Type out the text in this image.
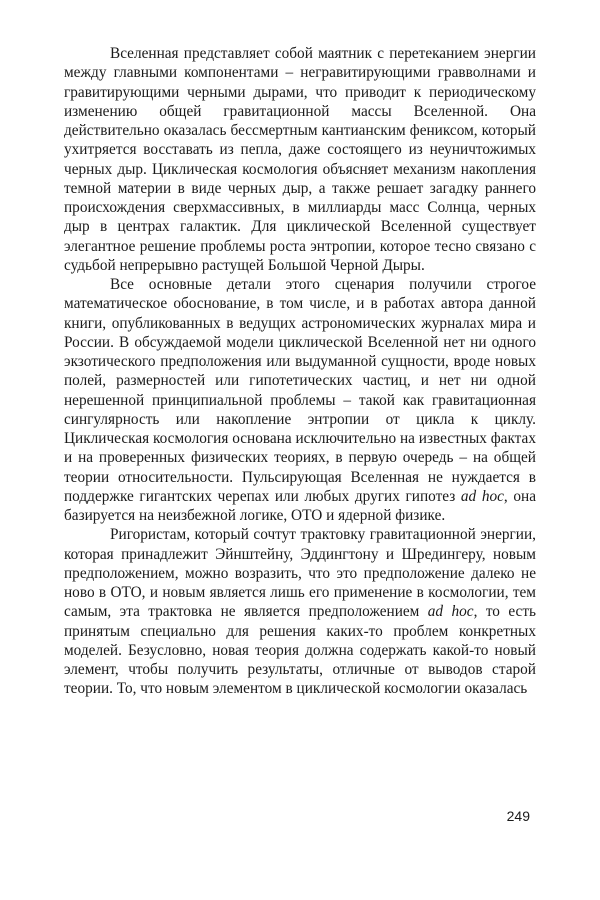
Вселенная представляет собой маятник с перетеканием энергии между главными компонентами – негравитирующими гравволнами и гравитирующими черными дырами, что приводит к периодическому изменению общей гравитационной массы Вселенной. Она действительно оказалась бессмертным кантианским фениксом, который ухитряется восставать из пепла, даже состоящего из неуничтожимых черных дыр. Циклическая космология объясняет механизм накопления темной материи в виде черных дыр, а также решает загадку раннего происхождения сверхмассивных, в миллиарды масс Солнца, черных дыр в центрах галактик. Для циклической Вселенной существует элегантное решение проблемы роста энтропии, которое тесно связано с судьбой непрерывно растущей Большой Черной Дыры.

Все основные детали этого сценария получили строгое математическое обоснование, в том числе, и в работах автора данной книги, опубликованных в ведущих астрономических журналах мира и России. В обсуждаемой модели циклической Вселенной нет ни одного экзотического предположения или выдуманной сущности, вроде новых полей, размерностей или гипотетических частиц, и нет ни одной нерешенной принципиальной проблемы – такой как гравитационная сингулярность или накопление энтропии от цикла к циклу. Циклическая космология основана исключительно на известных фактах и на проверенных физических теориях, в первую очередь – на общей теории относительности. Пульсирующая Вселенная не нуждается в поддержке гигантских черепах или любых других гипотез ad hoc, она базируется на неизбежной логике, ОТО и ядерной физике.

Ригористам, который сочтут трактовку гравитационной энергии, которая принадлежит Эйнштейну, Эддингтону и Шредингеру, новым предположением, можно возразить, что это предположение далеко не ново в ОТО, и новым является лишь его применение в космологии, тем самым, эта трактовка не является предположением ad hoc, то есть принятым специально для решения каких-то проблем конкретных моделей. Безусловно, новая теория должна содержать какой-то новый элемент, чтобы получить результаты, отличные от выводов старой теории. То, что новым элементом в циклической космологии оказалась

249
